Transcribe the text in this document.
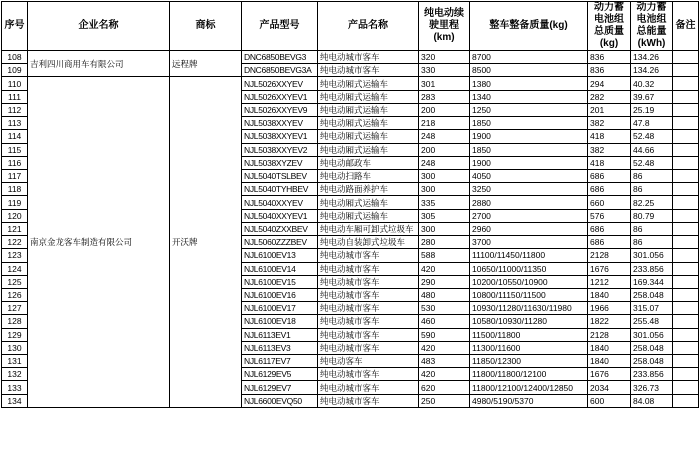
序号	企业名称	商标	产品型号	产品名称	纯电动续驶里程(km)	整车整备质量(kg)	动力蓄电池组总质量(kg)	动力蓄电池组总能量(kWh)	备注
108	吉利四川商用车有限公司	远程牌	DNC6850BEVG3	纯电动城市客车	320	8700	836	134.26	
109			DNC6850BEVG3A	纯电动城市客车	330	8500	836	134.26	
110	南京金龙客车制造有限公司	开沃牌	NJL5026XXYEV	纯电动厢式运输车	301	1380	294	40.32	
111			NJL5026XXYEV1	纯电动厢式运输车	283	1340	282	39.67	
112			NJL5026XXYEV9	纯电动厢式运输车	200	1250	201	25.19	
113			NJL5038XXYEV	纯电动厢式运输车	218	1850	382	47.8	
114			NJL5038XXYEV1	纯电动厢式运输车	248	1900	418	52.48	
115			NJL5038XXYEV2	纯电动厢式运输车	200	1850	382	44.66	
116			NJL5038XYZEV	纯电动邮政车	248	1900	418	52.48	
117			NJL5040TSLBEV	纯电动扫路车	300	4050	686	86	
118			NJL5040TYHBEV	纯电动路面养护车	300	3250	686	86	
119			NJL5040XXYEV	纯电动厢式运输车	335	2880	660	82.25	
120			NJL5040XXYEV1	纯电动厢式运输车	305	2700	576	80.79	
121			NJL5040ZXXBEV	纯电动车厢可卸式垃圾车	300	2960	686	86	
122			NJL5060ZZZBEV	纯电动自装卸式垃圾车	280	3700	686	86	
123			NJL6100EV13	纯电动城市客车	588	11100/11450/11800	2128	301.056	
124			NJL6100EV14	纯电动城市客车	420	10650/11000/11350	1676	233.856	
125			NJL6100EV15	纯电动城市客车	290	10200/10550/10900	1212	169.344	
126			NJL6100EV16	纯电动城市客车	480	10800/11150/11500	1840	258.048	
127			NJL6100EV17	纯电动城市客车	530	10930/11280/11630/11980	1966	315.07	
128			NJL6100EV18	纯电动城市客车	460	10580/10930/11280	1822	255.48	
129			NJL6113EV1	纯电动城市客车	590	11500/11800	2128	301.056	
130			NJL6113EV3	纯电动城市客车	420	11300/11600	1840	258.048	
131			NJL6117EV7	纯电动客车	483	11850/12300	1840	258.048	
132			NJL6129EV5	纯电动城市客车	420	11800/11800/12100	1676	233.856	
133			NJL6129EV7	纯电动城市客车	620	11800/12100/12400/12850	2034	326.73	
134			NJL6600EVQ50	纯电动城市客车	250	4980/5190/5370	600	84.08	
